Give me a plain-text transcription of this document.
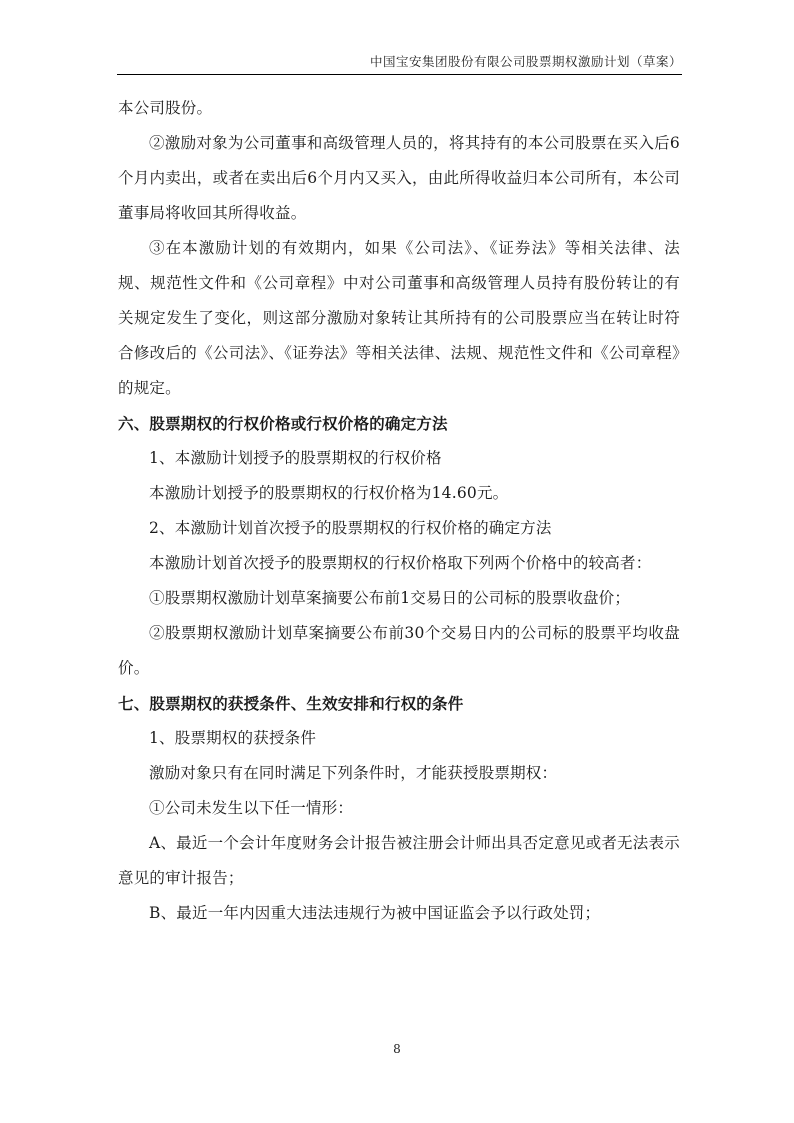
中国宝安集团股份有限公司股票期权激励计划（草案）

本公司股份。

②激励对象为公司董事和高级管理人员的，将其持有的本公司股票在买入后6个月内卖出，或者在卖出后6个月内又买入，由此所得收益归本公司所有，本公司董事局将收回其所得收益。

③在本激励计划的有效期内，如果《公司法》、《证券法》等相关法律、法规、规范性文件和《公司章程》中对公司董事和高级管理人员持有股份转让的有关规定发生了变化，则这部分激励对象转让其所持有的公司股票应当在转让时符合修改后的《公司法》、《证券法》等相关法律、法规、规范性文件和《公司章程》的规定。

六、股票期权的行权价格或行权价格的确定方法

1、本激励计划授予的股票期权的行权价格

本激励计划授予的股票期权的行权价格为14.60元。

2、本激励计划首次授予的股票期权的行权价格的确定方法

本激励计划首次授予的股票期权的行权价格取下列两个价格中的较高者：

①股票期权激励计划草案摘要公布前1交易日的公司标的股票收盘价；

②股票期权激励计划草案摘要公布前30个交易日内的公司标的股票平均收盘价。

七、股票期权的获授条件、生效安排和行权的条件

1、股票期权的获授条件

激励对象只有在同时满足下列条件时，才能获授股票期权：

①公司未发生以下任一情形：

A、最近一个会计年度财务会计报告被注册会计师出具否定意见或者无法表示意见的审计报告；

B、最近一年内因重大违法违规行为被中国证监会予以行政处罚；

8
